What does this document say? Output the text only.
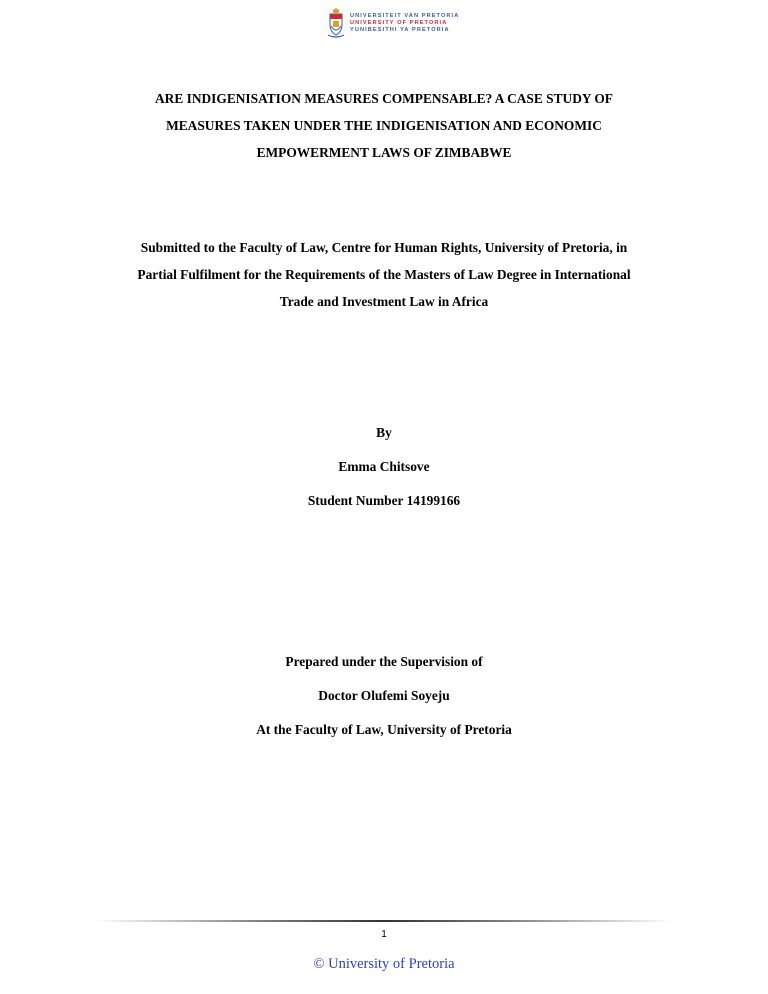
UNIVERSITEIT VAN PRETORIA
UNIVERSITY OF PRETORIA
YUNIBESITHI YA PRETORIA
ARE INDIGENISATION MEASURES COMPENSABLE? A CASE STUDY OF
MEASURES TAKEN UNDER THE INDIGENISATION AND ECONOMIC
EMPOWERMENT LAWS OF ZIMBABWE

Submitted to the Faculty of Law, Centre for Human Rights, University of Pretoria, in
Partial Fulfilment for the Requirements of the Masters of Law Degree in International
Trade and Investment Law in Africa

By

Emma Chitsove

Student Number 14199166

Prepared under the Supervision of

Doctor Olufemi Soyeju

At the Faculty of Law, University of Pretoria

1
© University of Pretoria
